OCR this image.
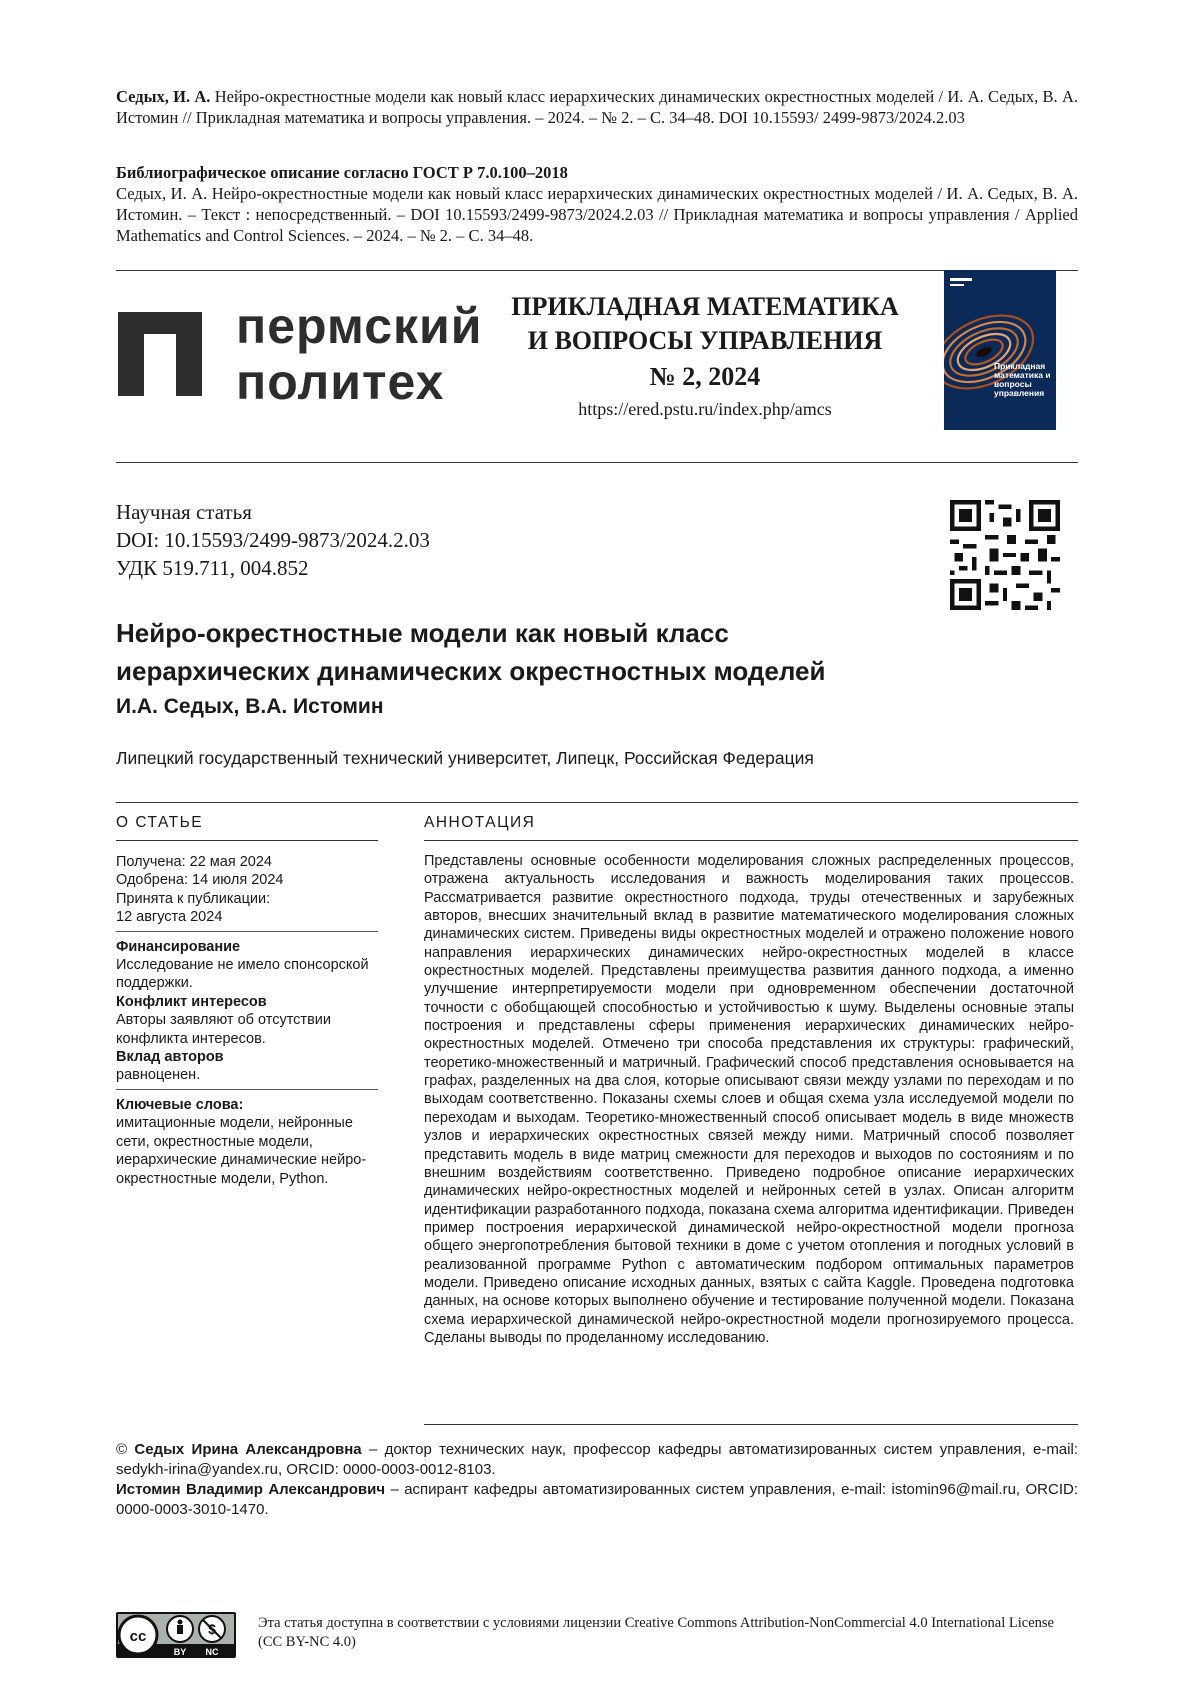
Седых, И. А. Нейро-окрестностные модели как новый класс иерархических динамических окрестностных моделей / И. А. Седых, В. А. Истомин // Прикладная математика и вопросы управления. – 2024. – № 2. – С. 34–48. DOI 10.15593/ 2499-9873/2024.2.03
Библиографическое описание согласно ГОСТ Р 7.0.100–2018
Седых, И. А. Нейро-окрестностные модели как новый класс иерархических динамических окрестностных моделей / И. А. Седых, В. А. Истомин. – Текст : непосредственный. – DOI 10.15593/2499-9873/2024.2.03 // Прикладная математика и вопросы управления / Applied Mathematics and Control Sciences. – 2024. – № 2. – С. 34–48.
пермский
политех
ПРИКЛАДНАЯ МАТЕМАТИКА
И ВОПРОСЫ УПРАВЛЕНИЯ
№ 2, 2024
https://ered.pstu.ru/index.php/amcs
Прикладная математика и вопросы управления
Научная статья
DOI: 10.15593/2499-9873/2024.2.03
УДК 519.711, 004.852
Нейро-окрестностные модели как новый класс
иерархических динамических окрестностных моделей
И.А. Седых, В.А. Истомин
Липецкий государственный технический университет, Липецк, Российская Федерация
О СТАТЬЕ	АННОТАЦИЯ
Получена: 22 мая 2024
Одобрена: 14 июля 2024
Принята к публикации:
12 августа 2024
Финансирование
Исследование не имело спонсорской поддержки.
Конфликт интересов
Авторы заявляют об отсутствии конфликта интересов.
Вклад авторов
равноценен.
Ключевые слова:
имитационные модели, нейронные сети, окрестностные модели, иерархические динамические нейро-окрестностные модели, Python.
Представлены основные особенности моделирования сложных распределенных процессов, отражена актуальность исследования и важность моделирования таких процессов. Рассматривается развитие окрестностного подхода, труды отечественных и зарубежных авторов, внесших значительный вклад в развитие математического моделирования сложных динамических систем. Приведены виды окрестностных моделей и отражено положение нового направления иерархических динамических нейро-окрестностных моделей в классе окрестностных моделей. Представлены преимущества развития данного подхода, а именно улучшение интерпретируемости модели при одновременном обеспечении достаточной точности с обобщающей способностью и устойчивостью к шуму. Выделены основные этапы построения и представлены сферы применения иерархических динамических нейро-окрестностных моделей. Отмечено три способа представления их структуры: графический, теоретико-множественный и матричный. Графический способ представления основывается на графах, разделенных на два слоя, которые описывают связи между узлами по переходам и по выходам соответственно. Показаны схемы слоев и общая схема узла исследуемой модели по переходам и выходам. Теоретико-множественный способ описывает модель в виде множеств узлов и иерархических окрестностных связей между ними. Матричный способ позволяет представить модель в виде матриц смежности для переходов и выходов по состояниям и по внешним воздействиям соответственно. Приведено подробное описание иерархических динамических нейро-окрестностных моделей и нейронных сетей в узлах. Описан алгоритм идентификации разработанного подхода, показана схема алгоритма идентификации. Приведен пример построения иерархической динамической нейро-окрестностной модели прогноза общего энергопотребления бытовой техники в доме с учетом отопления и погодных условий в реализованной программе Python с автоматическим подбором оптимальных параметров модели. Приведено описание исходных данных, взятых с сайта Kaggle. Проведена подготовка данных, на основе которых выполнено обучение и тестирование полученной модели. Показана схема иерархической динамической нейро-окрестностной модели прогнозируемого процесса. Сделаны выводы по проделанному исследованию.

© Седых Ирина Александровна – доктор технических наук, профессор кафедры автоматизированных систем управления, e-mail: sedykh-irina@yandex.ru, ORCID: 0000-0003-0012-8103.

Истомин Владимир Александрович – аспирант кафедры автоматизированных систем управления, e-mail: istomin96@mail.ru, ORCID: 0000-0003-3010-1470.

cc
BY NC
Эта статья доступна в соответствии с условиями лицензии Creative Commons Attribution-NonCommercial 4.0 International License (CC BY-NC 4.0)
